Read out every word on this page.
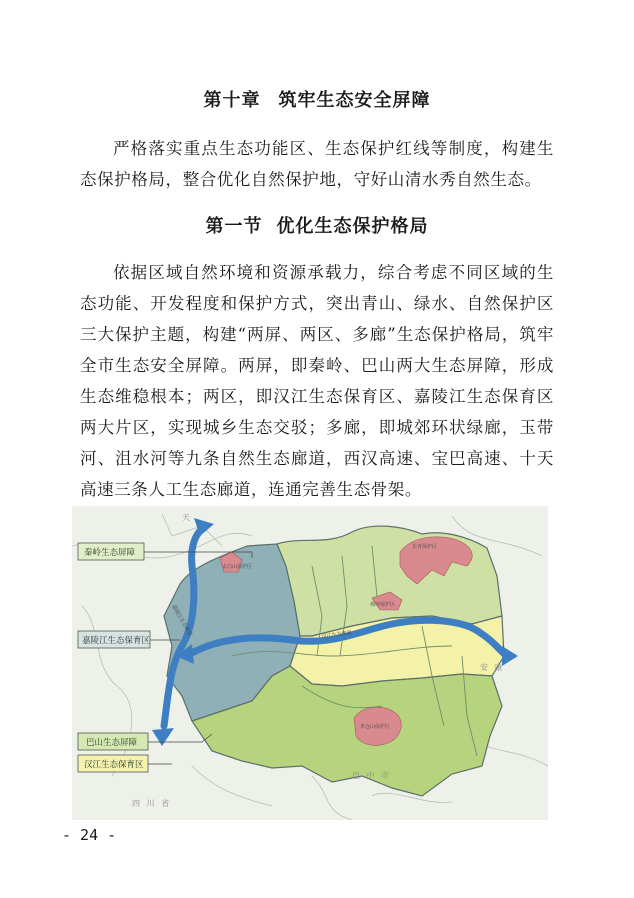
第十章 筑牢生态安全屏障
严格落实重点生态功能区、生态保护红线等制度，构建生态保护格局，整合优化自然保护地，守好山清水秀自然生态。
第一节 优化生态保护格局
依据区域自然环境和资源承载力，综合考虑不同区域的生态功能、开发程度和保护方式，突出青山、绿水、自然保护区三大保护主题，构建“两屏、两区、多廊”生态保护格局，筑牢全市生态安全屏障。两屏，即秦岭、巴山两大生态屏障，形成生态维稳根本；两区，即汉江生态保育区、嘉陵江生态保育区两大片区，实现城乡生态交驳；多廊，即城郊环状绿廊，玉带河、沮水河等九条自然生态廊道，西汉高速、宝巴高速、十天高速三条人工生态廊道，连通完善生态骨架。
汉江生态廊道
嘉陵江生态廊道
太白山保护区
长青保护区
佛坪保护区
米仓山保护区
天
安 康
巴 中 市
四 川 省
秦岭生态屏障
嘉陵江生态保育区
巴山生态屏障
汉江生态保育区
- 24 -
